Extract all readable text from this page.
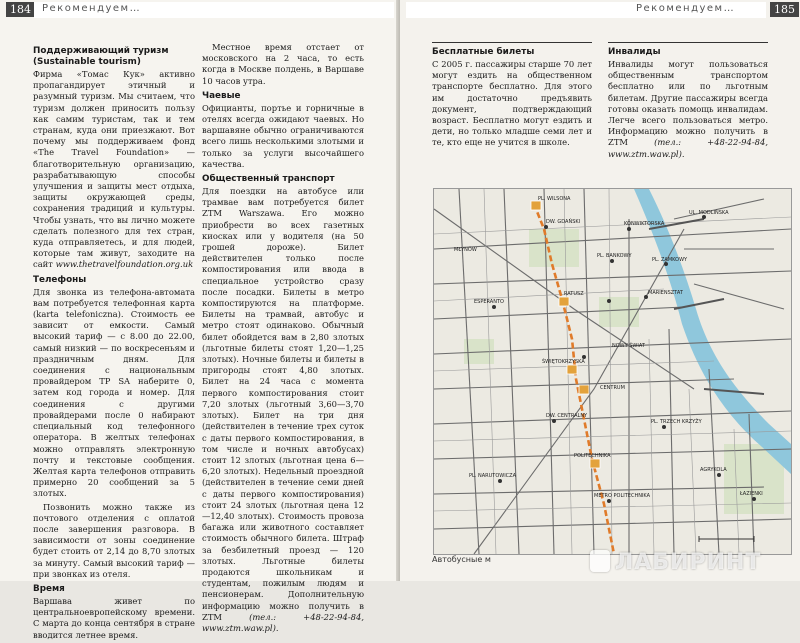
184	Рекомендуем…
Поддерживающий туризм (Sustainable tourism)

Фирма «Томас Кук» активно пропагандирует этичный и разумный туризм. Мы считаем, что туризм должен приносить пользу как самим туристам, так и тем странам, куда они приезжают. Вот почему мы поддерживаем фонд «The Travel Foundation» — благотворительную организацию, разрабатывающую способы улучшения и защиты мест отдыха, защиты окружающей среды, сохранения традиций и культуры. Чтобы узнать, что вы лично можете сделать полезного для тех стран, куда отправляетесь, и для людей, которые там живут, заходите на сайт www.thetravelfoundation.org.uk

Телефоны

Для звонка из телефона-автомата вам потребуется телефонная карта (karta telefoniczna). Стоимость ее зависит от емкости. Самый высокий тариф — с 8.00 до 22.00, самый низкий — по воскресеньям и праздничным дням. Для соединения с национальным провайдером TP SA наберите 0, затем код города и номер. Для соединения с другими провайдерами после 0 набирают специальный код телефонного оператора. В желтых телефонах можно отправлять электронную почту и текстовые сообщения. Желтая карта телефонов отправить примерно 20 сообщений за 5 злотых.

Позвонить можно также из почтового отделения с оплатой после завершения разговора. В зависимости от зоны соединение будет стоить от 2,14 до 8,70 злотых за минуту. Самый высокий тариф — при звонках из отеля.

Время

Варшава живет по центральноевропейскому времени. С марта до конца сентября в стране вводится летнее время.

Местное время отстает от московского на 2 часа, то есть когда в Москве полдень, в Варшаве 10 часов утра.

Чаевые

Официанты, портье и горничные в отелях всегда ожидают чаевых. Но варшавяне обычно ограничиваются всего лишь несколькими злотыми и только за услуги высочайшего качества.

Общественный транспорт

Для поездки на автобусе или трамвае вам потребуется билет ZTM Warszawa. Его можно приобрести во всех газетных киосках или у водителя (на 50 грошей дороже). Билет действителен только после компостирования или ввода в специальное устройство сразу после посадки. Билеты в метро компостируются на платформе. Билеты на трамвай, автобус и метро стоят одинаково. Обычный билет обойдется вам в 2,80 злотых (льготные билеты стоят 1,20—1,25 злотых). Ночные билеты и билеты в пригороды стоят 4,80 злотых. Билет на 24 часа с момента первого компостирования стоит 7,20 злотых (льготный 3,60—3,70 злотых). Билет на три дня (действителен в течение трех суток с даты первого компостирования, в том числе и ночных автобусах) стоит 12 злотых (льготная цена 6—6,20 злотых). Недельный проездной (действителен в течение семи дней с даты первого компостирования) стоит 24 злотых (льготная цена 12—12,40 злотых). Стоимость провоза багажа или животного составляет стоимость обычного билета. Штраф за безбилетный проезд — 120 злотых. Льготные билеты продаются школьникам и студентам, пожилым людям и пенсионерам. Дополнительную информацию можно получить в ZTM	(тел.: +48-22-94-84, www.ztm.waw.pl).

Рекомендуем…	185
Бесплатные билеты

С 2005 г. пассажиры старше 70 лет могут ездить на общественном транспорте бесплатно. Для этого им достаточно предъявить документ, подтверждающий возраст. Бесплатно могут ездить и дети, но только младше семи лет и те, кто еще не учится в школе.

Инвалиды

Инвалиды могут пользоваться общественным транспортом бесплатно или по льготным билетам. Другие пассажиры всегда готовы оказать помощь инвалидам. Легче всего пользоваться метро. Информацию можно получить в ZTM	(тел.: +48-22-94-84, www.ztm.waw.pl).

DW. GDAŃSKI
PL. WILSONA
KONWIKTORSKA
PL. ZAMKOWY
PL. BANKOWY
UL. MODLIŃSKA
ESPERANTO
MARIENSZTAT
RATUSZ
ŚWIĘTOKRZYSKA
CENTRUM
DW. CENTRALNY
PL. TRZECH KRZYŻY
PL. NARUTOWICZA
POLITECHNIKA
METRO POLITECHNIKA
AGRYKOLA
ŁAZIENKI
MŁYNÓW
NOWY ŚWIAT
Автобусные м	ЛАБИРИНТ
